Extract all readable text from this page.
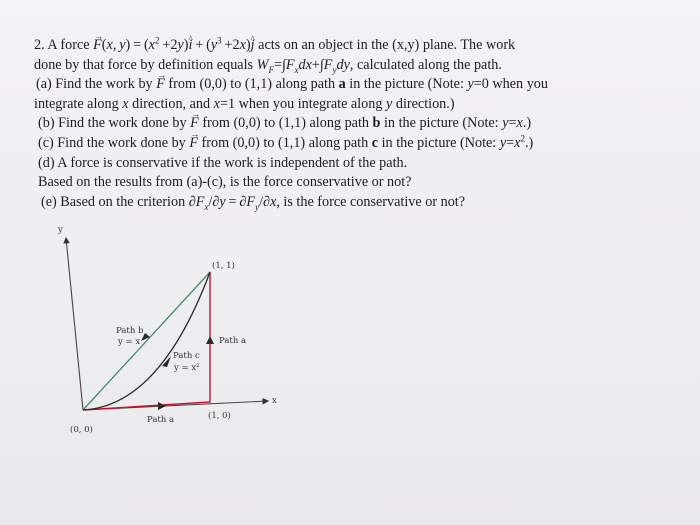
2. A force → F(x, $y) = (x^2$ +2y)^ $i + (y^3$ +2x)^ j acts on an object in the (x,y) plane. The work
done by that force by definition equals $W_F=\int F_xdx+\int F_ydy$, calculated along the path.
(a) Find the work by → F from (0,0) to (1,1) along path a in the picture (Note: y=0 when you
integrate along x direction, and x=1 when you integrate along y direction.)
(b) Find the work done by → F from (0,0) to (1,1) along path b in the picture (Note: y=x.)
(c) Find the work done by → F from (0,0) to (1,1) along path c in the picture (Note: $y=x^2$.)
(d) A force is conservative if the work is independent of the path.
Based on the results from (a)-(c), is the force conservative or not?
(e) Based on the criterion $\partial F_x/\partial y = \partial F_y/\partial x$, is the force conservative or not?
y
x
(1, 1)
Path b
y = x	Path a
Path c
y = x²
(0, 0)
Path a	(1, 0)
